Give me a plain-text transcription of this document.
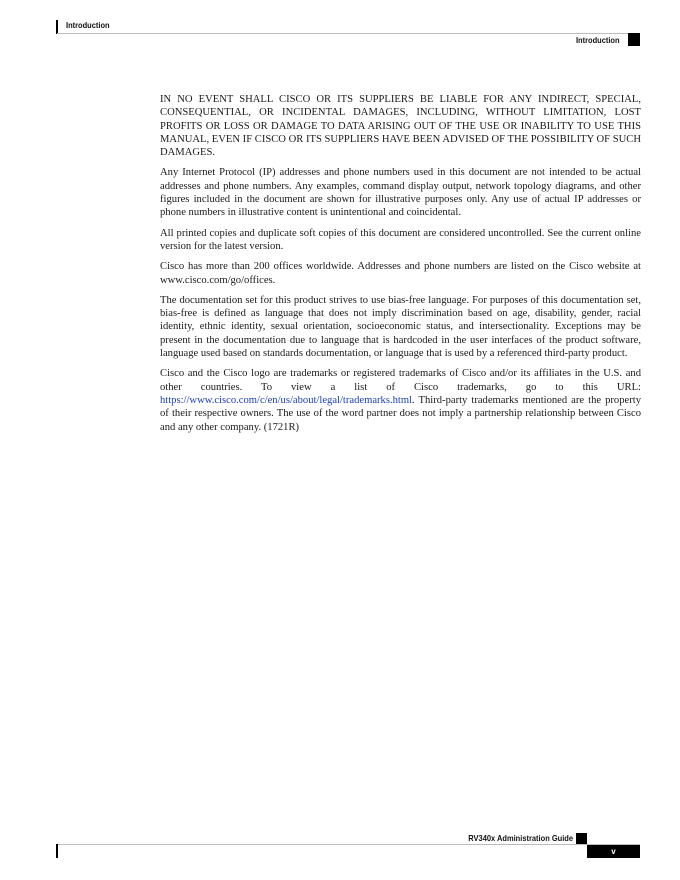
Introduction
Introduction

IN NO EVENT SHALL CISCO OR ITS SUPPLIERS BE LIABLE FOR ANY INDIRECT, SPECIAL, CONSEQUENTIAL, OR INCIDENTAL DAMAGES, INCLUDING, WITHOUT LIMITATION, LOST PROFITS OR LOSS OR DAMAGE TO DATA ARISING OUT OF THE USE OR INABILITY TO USE THIS MANUAL, EVEN IF CISCO OR ITS SUPPLIERS HAVE BEEN ADVISED OF THE POSSIBILITY OF SUCH DAMAGES.

Any Internet Protocol (IP) addresses and phone numbers used in this document are not intended to be actual addresses and phone numbers. Any examples, command display output, network topology diagrams, and other figures included in the document are shown for illustrative purposes only. Any use of actual IP addresses or phone numbers in illustrative content is unintentional and coincidental.

All printed copies and duplicate soft copies of this document are considered uncontrolled. See the current online version for the latest version.

Cisco has more than 200 offices worldwide. Addresses and phone numbers are listed on the Cisco website at www.cisco.com/go/offices.

The documentation set for this product strives to use bias-free language. For purposes of this documentation set, bias-free is defined as language that does not imply discrimination based on age, disability, gender, racial identity, ethnic identity, sexual orientation, socioeconomic status, and intersectionality. Exceptions may be present in the documentation due to language that is hardcoded in the user interfaces of the product software, language used based on standards documentation, or language that is used by a referenced third-party product.

Cisco and the Cisco logo are trademarks or registered trademarks of Cisco and/or its affiliates in the U.S. and other countries. To view a list of Cisco trademarks, go to this URL: https://www.cisco.com/c/en/us/about/legal/trademarks.html. Third-party trademarks mentioned are the property of their respective owners. The use of the word partner does not imply a partnership relationship between Cisco and any other company. (1721R)

RV340x Administration Guide
v
